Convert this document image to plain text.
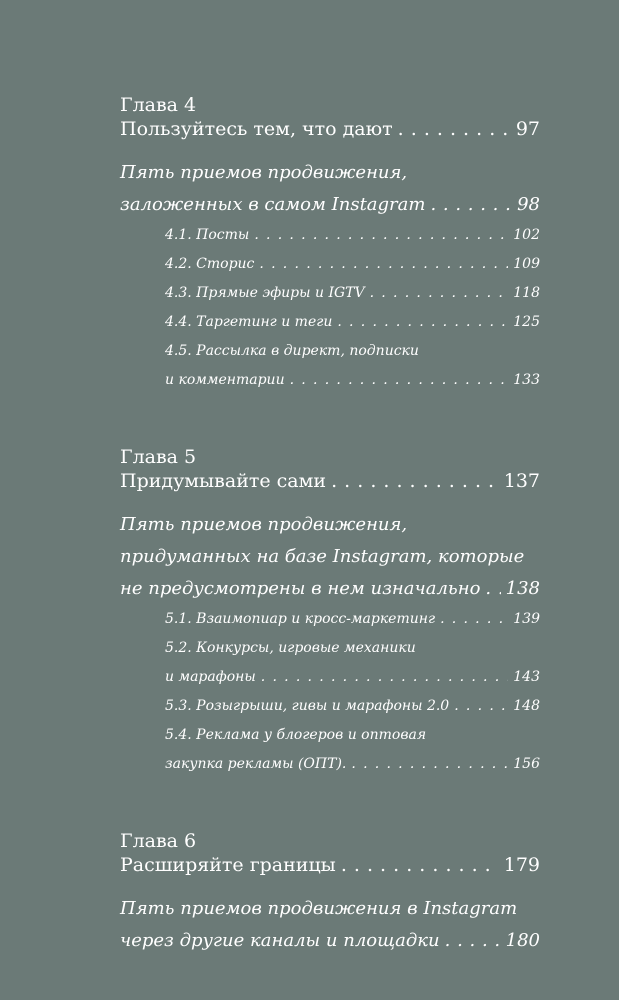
Глава 4
Пользуйтесь тем, что дают . . .	97
Пять приемов продвижения,
заложенных в самом Instagram . . .	98
4.1. Посты . . .	102
4.2. Сторис . . .	109
4.3. Прямые эфиры и IGTV . . .	118
4.4. Таргетинг и теги . . .	125
4.5. Рассылка в директ, подписки
и комментарии . . .	133
Глава 5
Придумывайте сами . . .	137
Пять приемов продвижения,
придуманных на базе Instagram, которые
не предусмотрены в нем изначально . . . 138
5.1. Взаимопиар и кросс-маркетинг . . .	139
5.2. Конкурсы, игровые механики
и марафоны . . .	143
5.3. Розыгрыши, гивы и марафоны 2.0 . . .	148
5.4. Реклама у блогеров и оптовая
закупка рекламы (ОПТ). . . .	156
Глава 6
Расширяйте границы . . .	179
Пять приемов продвижения в Instagram
через другие каналы и площадки . . .	180
